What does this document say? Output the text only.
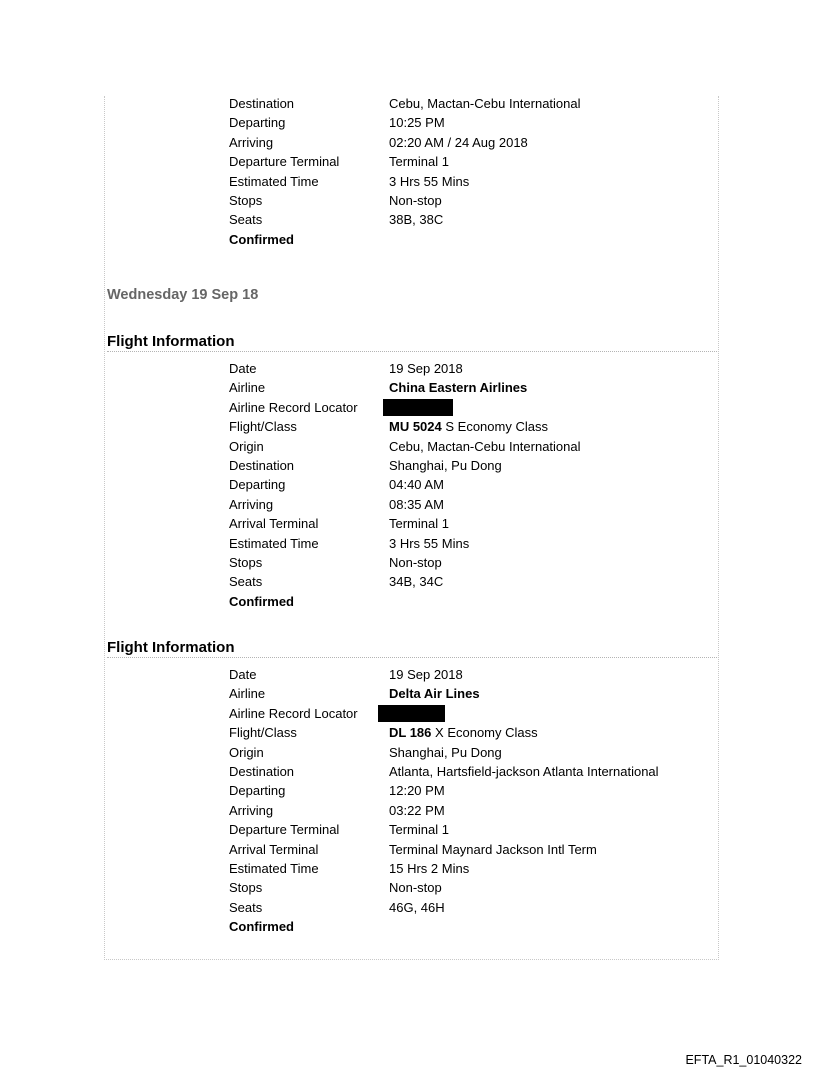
Destination	Cebu, Mactan-Cebu International
Departing	10:25 PM
Arriving	02:20 AM / 24 Aug 2018
Departure Terminal	Terminal 1
Estimated Time	3 Hrs 55 Mins
Stops	Non-stop
Seats	38B, 38C
Confirmed
Wednesday 19 Sep 18
Flight Information
Date	19 Sep 2018
Airline	China Eastern Airlines
Airline Record Locator
Flight/Class	MU 5024 S Economy Class
Origin	Cebu, Mactan-Cebu International
Destination	Shanghai, Pu Dong
Departing	04:40 AM
Arriving	08:35 AM
Arrival Terminal	Terminal 1
Estimated Time	3 Hrs 55 Mins
Stops	Non-stop
Seats	34B, 34C
Confirmed
Flight Information
Date	19 Sep 2018
Airline	Delta Air Lines
Airline Record Locator
Flight/Class	DL 186 X Economy Class
Origin	Shanghai, Pu Dong
Destination	Atlanta, Hartsfield-jackson Atlanta International
Departing	12:20 PM
Arriving	03:22 PM
Departure Terminal	Terminal 1
Arrival Terminal	Terminal Maynard Jackson Intl Term
Estimated Time	15 Hrs 2 Mins
Stops	Non-stop
Seats	46G, 46H
Confirmed
EFTA_R1_01040322
